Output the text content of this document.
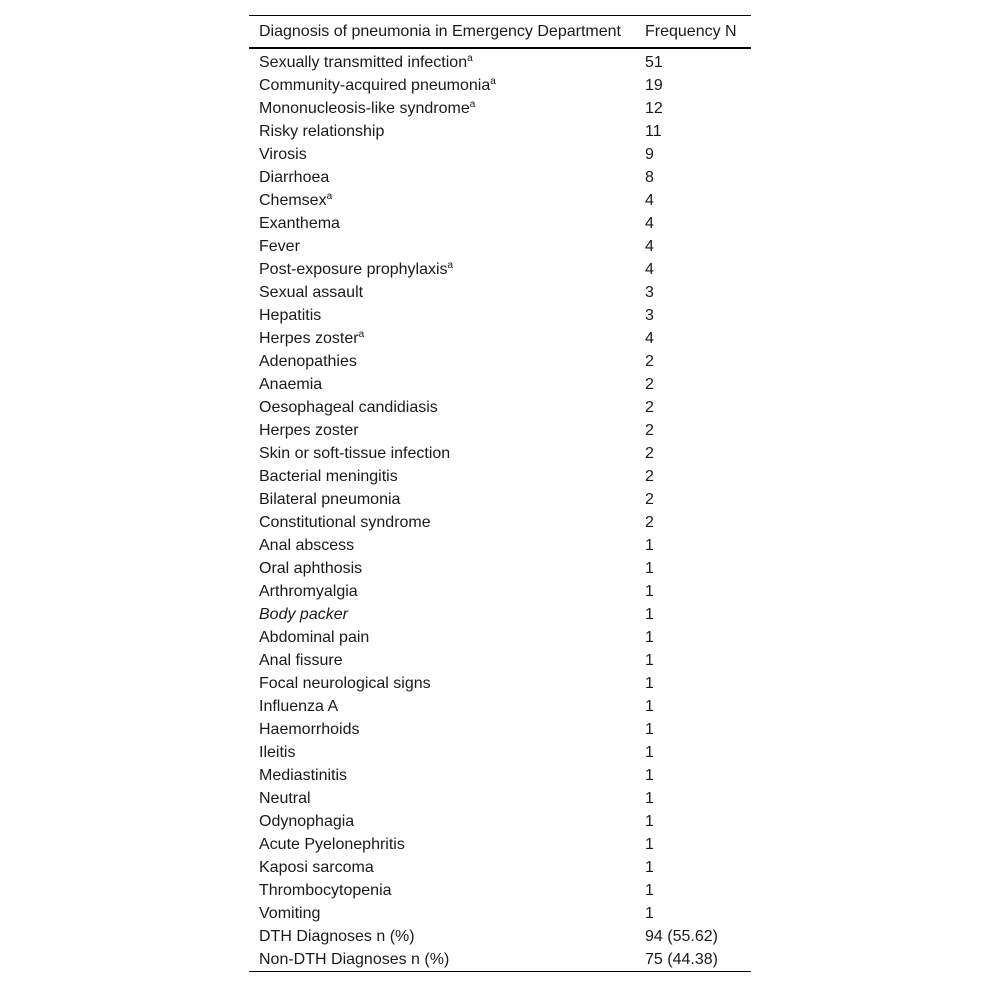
Diagnosis of pneumonia in Emergency Department	Frequency N
Sexually transmitted infection$^a$	51
Community-acquired pneumonia$^a$	19
Mononucleosis-like syndrome$^a$	12
Risky relationship	11
Virosis	9
Diarrhoea	8
Chemsex$^a$	4
Exanthema	4
Fever	4
Post-exposure prophylaxis$^a$	4
Sexual assault	3
Hepatitis	3
Herpes zoster$^a$	4
Adenopathies	2
Anaemia	2
Oesophageal candidiasis	2
Herpes zoster	2
Skin or soft-tissue infection	2
Bacterial meningitis	2
Bilateral pneumonia	2
Constitutional syndrome	2
Anal abscess	1
Oral aphthosis	1
Arthromyalgia	1
Body packer	1
Abdominal pain	1
Anal fissure	1
Focal neurological signs	1
Influenza A	1
Haemorrhoids	1
Ileitis	1
Mediastinitis	1
Neutral	1
Odynophagia	1
Acute Pyelonephritis	1
Kaposi sarcoma	1
Thrombocytopenia	1
Vomiting	1
DTH Diagnoses n (%)	94 (55.62)
Non-DTH Diagnoses n (%)	75 (44.38)
